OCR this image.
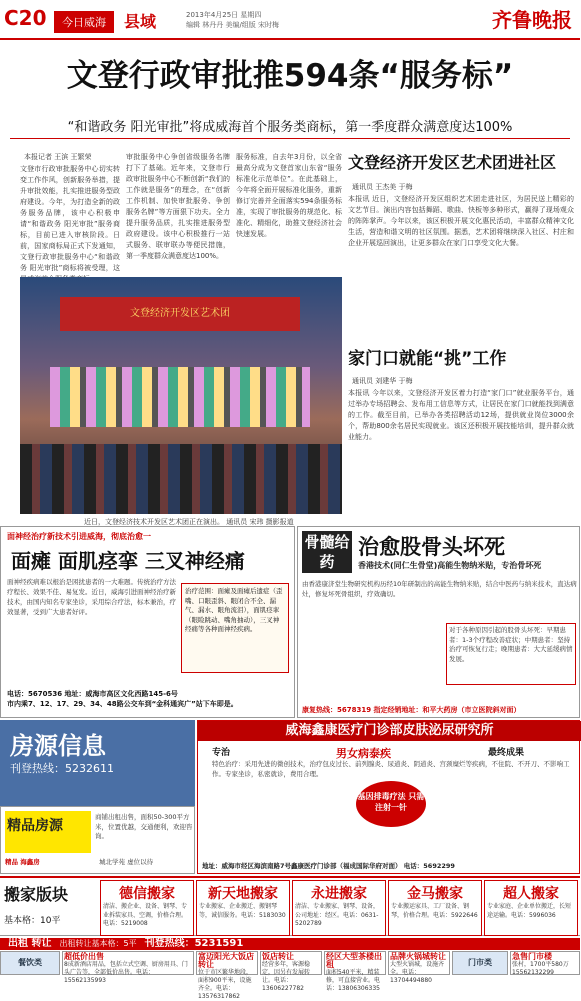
C20	今日威海	县域	2013年4月25日 星期四
编辑 林丹丹 美编/组版 宋时梅	齐鲁晚报
文登行政审批推594条“服务标”
“和谐政务 阳光审批”将成威海首个服务类商标，第一季度群众满意度达100%
本报记者 王滨 王繁荣
文登市行政审批服务中心切实转变工作作风，创新服务举措，提升审批效能，扎实推进服务型政府建设。今年，为打造全新的政务服务品牌，该中心积极申请“和谐政务 阳光审批”服务商标，目前已进入审核阶段。日前，国家商标局正式下发通知，文登行政审批服务中心“和谐政务 阳光审批”商标将被受理，这
审批服务中心争创省级服务名牌打下了基础。近年来，文登市行政审批服务中心不断创新“我们的工作就是服务”的理念，在“创新工作机制、加快审批服务、争创服务名牌”等方面狠下功夫。全力提升服务品质，扎实推进服务型政府建设。该中心积极推行一站式服务、联审联办等便民措施，第一季度群众满意度达100%。
服务标准，自去年3月份，以全省最高分成为文登首家山东省“服务标准化示范单位”。在此基础上，今年将全面开展标准化服务，重新修订完善并全面落实594条服务标准，实现了审批服务的规范化、标准化、精细化，助推文登经济社会快速发展。
文登经济开发区艺术团
近日，文登经济技术开发区艺术团正在演出。 通讯员 宋玮 摄影报道
文登经济开发区艺术团进社区
通讯员 王杰美 于梅
本报讯 近日，文登经济开发区组织艺术团走进社区，为居民送上精彩的文艺节目。演出内容包括舞蹈、歌曲、快板等多种形式，赢得了现场观众的阵阵掌声。今年以来，该区积极开展文化惠民活动，丰富群众精神文化生活，营造和谐文明的社区氛围。据悉，艺术团将继续深入社区、村庄和企业开展巡回演出，让更多群众在家门口享受文化大餐。
家门口就能“挑”工作
通讯员 刘建华 于梅
本报讯 今年以来，文登经济开发区着力打造“家门口”就业服务平台，通过举办专场招聘会、发布用工信息等方式，让居民在家门口就能找到满意的工作。截至目前，已举办各类招聘活动12场，提供就业岗位3000余个，帮助800余名居民实现就业。该区还积极开展技能培训，提升群众就业能力。
面神经治疗新技术引进威海，彻底治愈一
面瘫 面肌痉挛 三叉神经痛
面神经疾病难以根治是困扰患者的一大难题。传统治疗方法疗程长、效果不佳、易复发。近日，威海引进面神经治疗新技术，由国内知名专家坐诊，采用综合疗法，标本兼治，疗效显著，受到广大患者好评。
治疗范围：面瘫及面瘫后遗症（歪嘴、口眼歪斜、眼闭合不全、漏气、漏水、眼角流泪），面肌痉挛（眼睑跳动、嘴角抽动），三叉神经痛等各种面神经疾病。
电话：5670536 地址：威海市高区文化西路145-6号
市内乘7、12、17、29、34、48路公交车到“金科通宾广”站下车即是。
骨髓给药
治愈股骨头坏死
香港技术(同仁生骨堂)高能生物纳米贴，专治骨坏死
由香港康济堂生物研究机构历经10年研制出的高能生物纳米贴，结合中医药与纳米技术，直达病灶，修复坏死骨组织，疗效确切。
对于各种原因引起的股骨头坏死：早期患者：1-3个疗程改善症状；中期患者：坚持治疗可恢复行走；晚期患者：大大延缓病情发展。
康复热线：5678319 指定经销地址：和平大药房（市立医院斜对面）
房源信息
刊登热线：5232611
精品房源
商铺出租出售，面积50-300平方米，位置优越，交通便利，欢迎咨询。
精品 海鑫房	城北学苑 虚位以待
威海鑫康医疗门诊部皮肤泌尿研究所
专治	男女病泰疾	最终成果
特色治疗：采用先进的微创技术，治疗包皮过长、前列腺炎、尿道炎、阴道炎、宫颈糜烂等疾病，不住院、不开刀、不影响工作。专家坐诊，私密就诊，费用合理。
基因排毒疗法 只需注射一针
地址：威海市经区海滨南路7号鑫康医疗门诊部（福成国际华府对面） 电话：5692299
搬家版块
基本格：10平
德信搬家
清洁、搬企业、设备、钢琴、专业拆装家具、空调，价格合理。电话：5219008
新天地搬家
专业搬家、企业搬迁、搬钢琴等，诚信服务。电话：5183030
永进搬家
清洁、专业搬家、钢琴、设备，公司地址：经区。电话：0631-5202789
金马搬家
专业搬运家具、工厂设备、钢琴，价格合理。电话：5922646
超人搬家
专业家庭、企业单位搬迁，长短途运输。电话：5996036
出租 转让　 出租转让基本格：5平　 刊登热线：5231591
餐饮类
超低价出售
8成新酒店用品，包括立式空调、厨房用具、门头广告等，全部低价出售。电话：15562135993
富迈阳光大饭店转让
位于市区繁华地段，面积900平米，设施齐全。电话：13576317862
饭店转让
经营多年，客源稳定，因另有发展转让。电话：13606227782
经区大型茶楼出租
面积540平米，精装修，可直接营业。电话：13806306335
品牌火锅城转让
大型火锅城，设施齐全。电话：13704494880
门市类
急售门市楼
张村，1700平580万 15562132299
